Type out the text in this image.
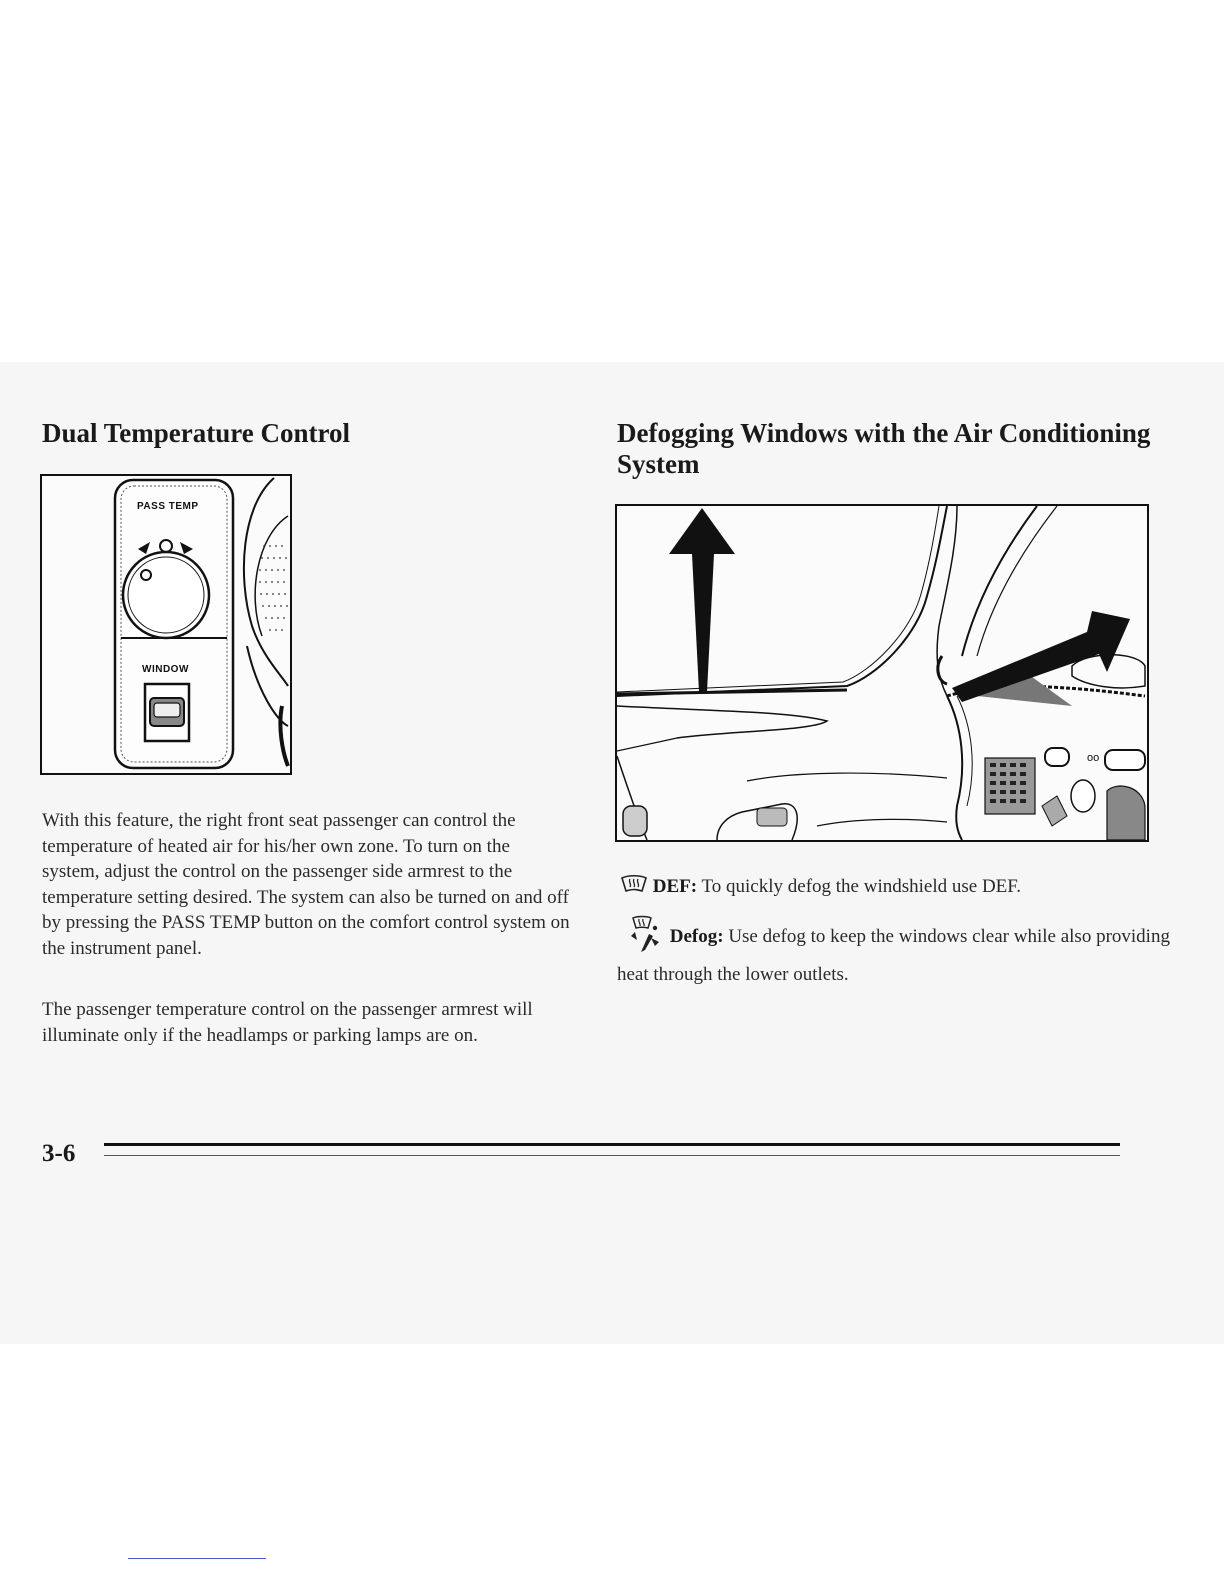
Dual Temperature Control
PASS TEMP
WINDOW

With this feature, the right front seat passenger can control the temperature of heated air for his/her own zone. To turn on the system, adjust the control on the passenger side armrest to the temperature setting desired. The system can also be turned on and off by pressing the PASS TEMP button on the comfort control system on the instrument panel.

The passenger temperature control on the passenger armrest will illuminate only if the headlamps or parking lamps are on.

Defogging Windows with the Air Conditioning System
oo

DEF: To quickly defog the windshield use DEF.

Defog: Use defog to keep the windows clear while also providing heat through the lower outlets.

3-6
